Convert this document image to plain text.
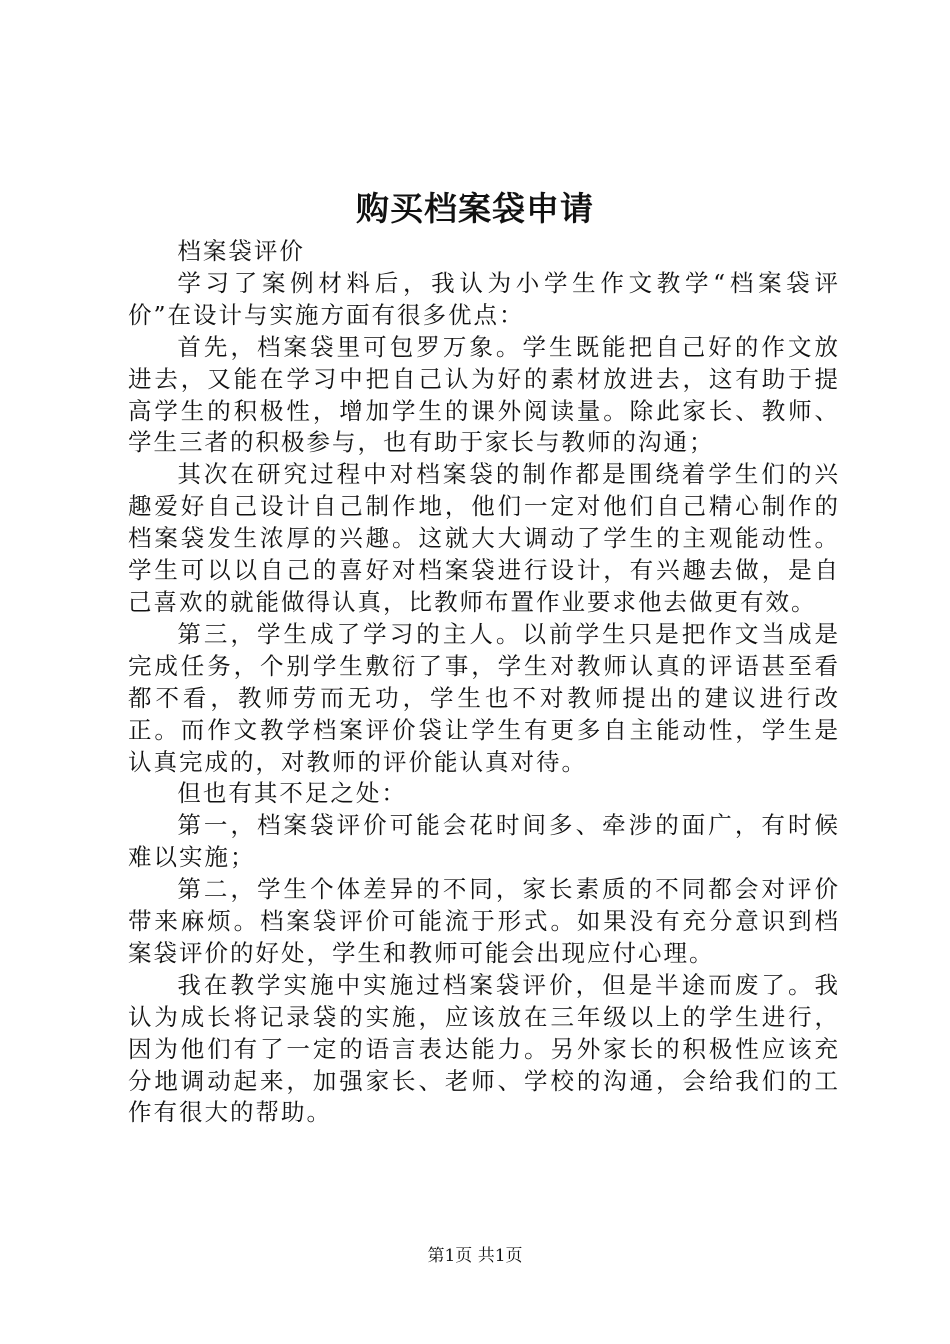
购买档案袋申请

档案袋评价

学习了案例材料后，我认为小学生作文教学“档案袋评价”在设计与实施方面有很多优点：

首先，档案袋里可包罗万象。学生既能把自己好的作文放进去，又能在学习中把自己认为好的素材放进去，这有助于提高学生的积极性，增加学生的课外阅读量。除此家长、教师、学生三者的积极参与，也有助于家长与教师的沟通；

其次在研究过程中对档案袋的制作都是围绕着学生们的兴趣爱好自己设计自己制作地，他们一定对他们自己精心制作的档案袋发生浓厚的兴趣。这就大大调动了学生的主观能动性。学生可以以自己的喜好对档案袋进行设计，有兴趣去做，是自己喜欢的就能做得认真，比教师布置作业要求他去做更有效。

第三，学生成了学习的主人。以前学生只是把作文当成是完成任务，个别学生敷衍了事，学生对教师认真的评语甚至看都不看，教师劳而无功，学生也不对教师提出的建议进行改正。而作文教学档案评价袋让学生有更多自主能动性，学生是认真完成的，对教师的评价能认真对待。

但也有其不足之处：

第一，档案袋评价可能会花时间多、牵涉的面广，有时候难以实施；

第二，学生个体差异的不同，家长素质的不同都会对评价带来麻烦。档案袋评价可能流于形式。如果没有充分意识到档案袋评价的好处，学生和教师可能会出现应付心理。

我在教学实施中实施过档案袋评价，但是半途而废了。我认为成长将记录袋的实施，应该放在三年级以上的学生进行，因为他们有了一定的语言表达能力。另外家长的积极性应该充分地调动起来，加强家长、老师、学校的沟通，会给我们的工作有很大的帮助。

第1页 共1页
